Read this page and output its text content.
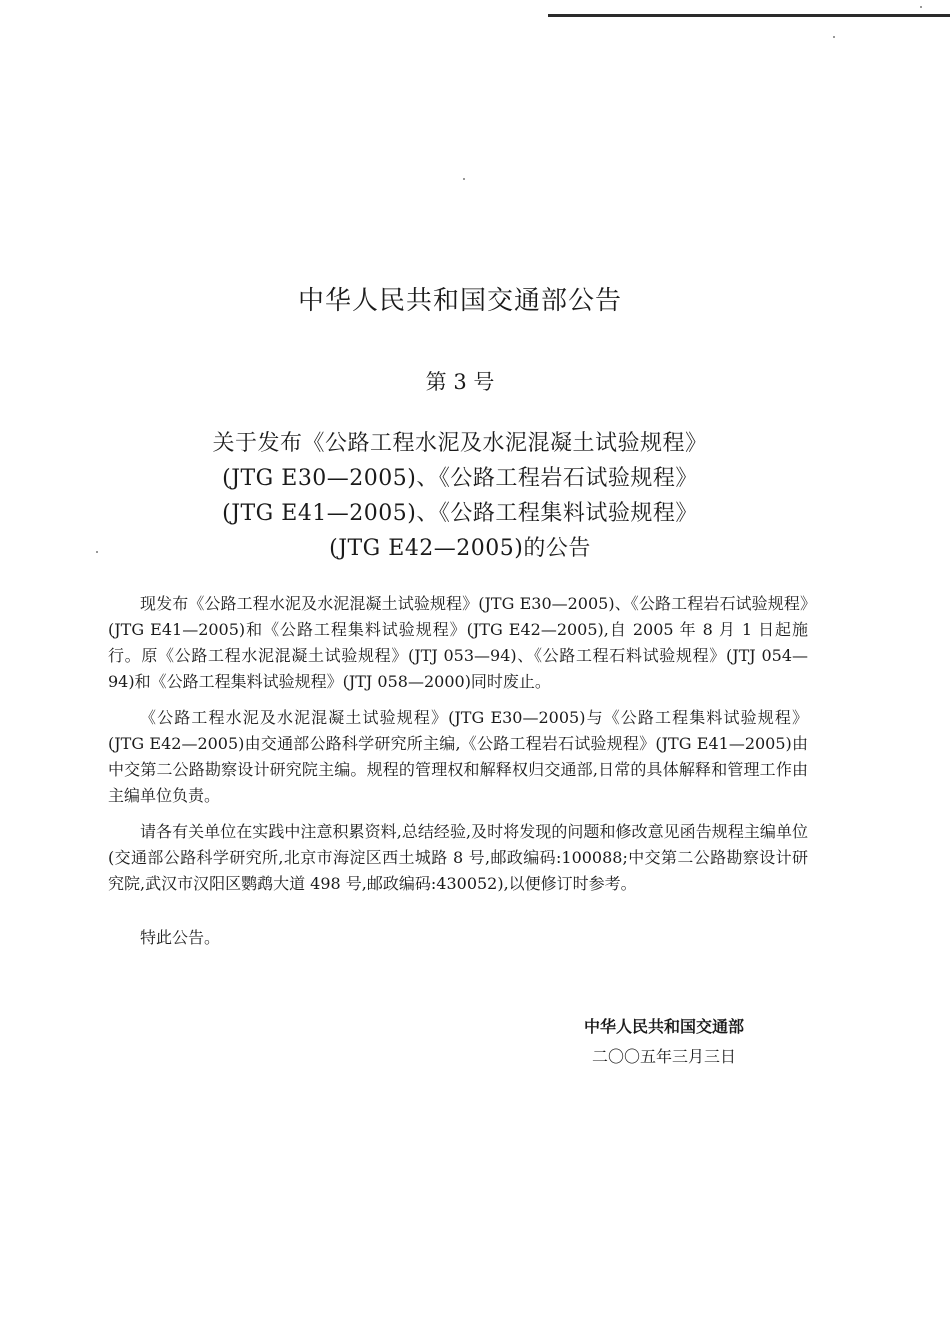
中华人民共和国交通部公告
第 3 号
关于发布《公路工程水泥及水泥混凝土试验规程》
(JTG E30—2005)、《公路工程岩石试验规程》
(JTG E41—2005)、《公路工程集料试验规程》
(JTG E42—2005)的公告

现发布《公路工程水泥及水泥混凝土试验规程》(JTG E30—2005)、《公路工程岩石试验规程》(JTG E41—2005)和《公路工程集料试验规程》(JTG E42—2005),自 2005 年 8 月 1 日起施行。原《公路工程水泥混凝土试验规程》(JTJ 053—94)、《公路工程石料试验规程》(JTJ 054—94)和《公路工程集料试验规程》(JTJ 058—2000)同时废止。

《公路工程水泥及水泥混凝土试验规程》(JTG E30—2005)与《公路工程集料试验规程》(JTG E42—2005)由交通部公路科学研究所主编,《公路工程岩石试验规程》(JTG E41—2005)由中交第二公路勘察设计研究院主编。规程的管理权和解释权归交通部,日常的具体解释和管理工作由主编单位负责。

请各有关单位在实践中注意积累资料,总结经验,及时将发现的问题和修改意见函告规程主编单位(交通部公路科学研究所,北京市海淀区西土城路 8 号,邮政编码:100088;中交第二公路勘察设计研究院,武汉市汉阳区鹦鹉大道 498 号,邮政编码:430052),以便修订时参考。

特此公告。

中华人民共和国交通部
二〇〇五年三月三日
